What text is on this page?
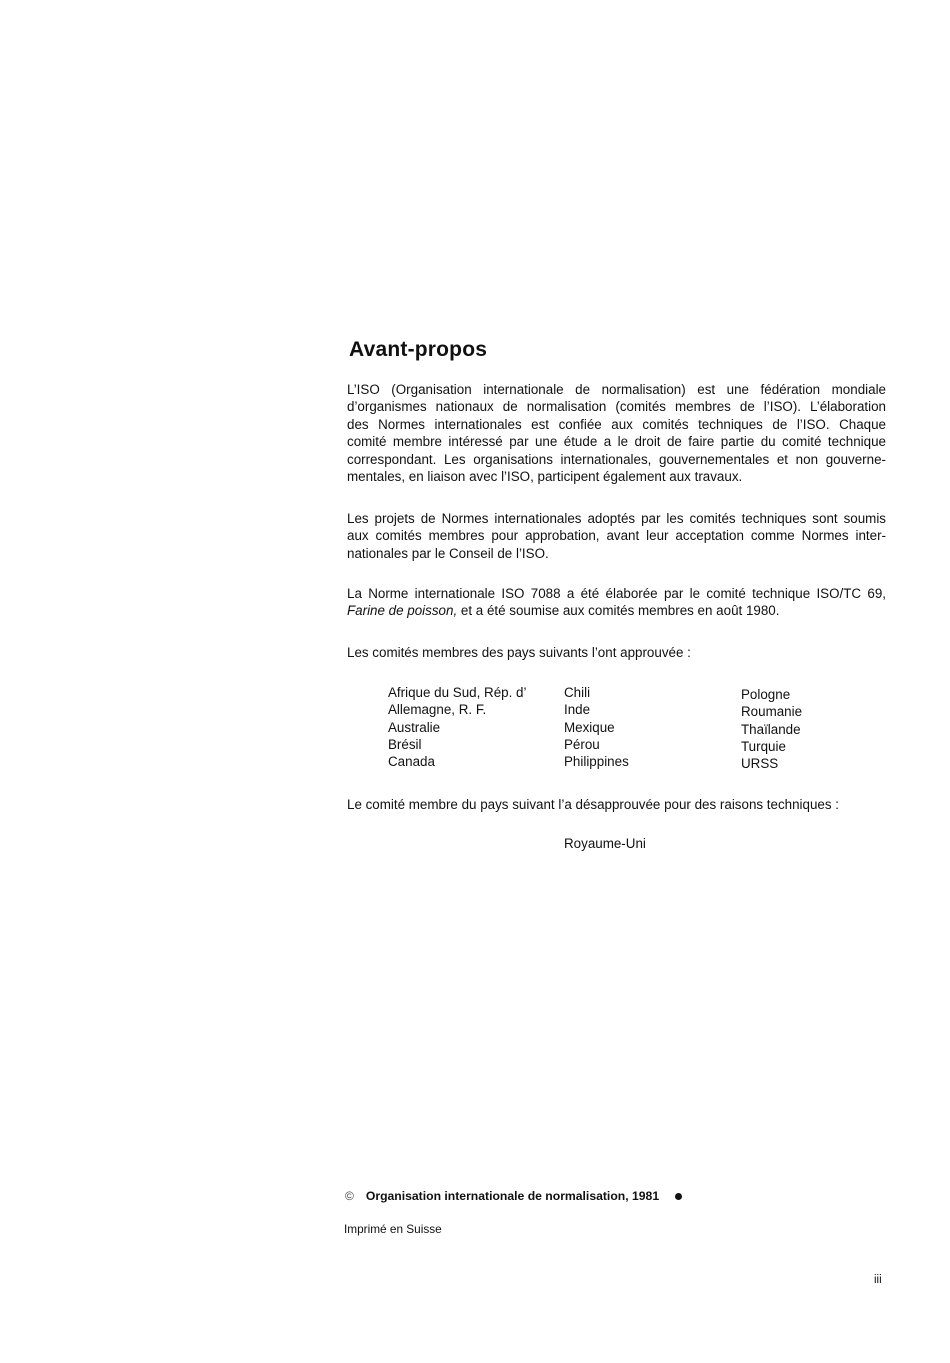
Avant-propos
L’ISO (Organisation internationale de normalisation) est une fédération mondiale
d’organismes nationaux de normalisation (comités membres de l’ISO). L’élaboration
des Normes internationales est confiée aux comités techniques de l’ISO. Chaque
comité membre intéressé par une étude a le droit de faire partie du comité technique
correspondant. Les organisations internationales, gouvernementales et non gouverne-
mentales, en liaison avec l’ISO, participent également aux travaux.
Les projets de Normes internationales adoptés par les comités techniques sont soumis
aux comités membres pour approbation, avant leur acceptation comme Normes inter-
nationales par le Conseil de l’ISO.
La Norme internationale ISO 7088 a été élaborée par le comité technique ISO/TC 69,
Farine de poisson, et a été soumise aux comités membres en août 1980.
Les comités membres des pays suivants l’ont approuvée :
Afrique du Sud, Rép. d’
Allemagne, R. F.
Australie
Brésil
Canada
Chili
Inde
Mexique
Pérou
Philippines
Pologne
Roumanie
Thaïlande
Turquie
URSS
Le comité membre du pays suivant l’a désapprouvée pour des raisons techniques :
Royaume-Uni
© Organisation internationale de normalisation, 1981
Imprimé en Suisse
iii
